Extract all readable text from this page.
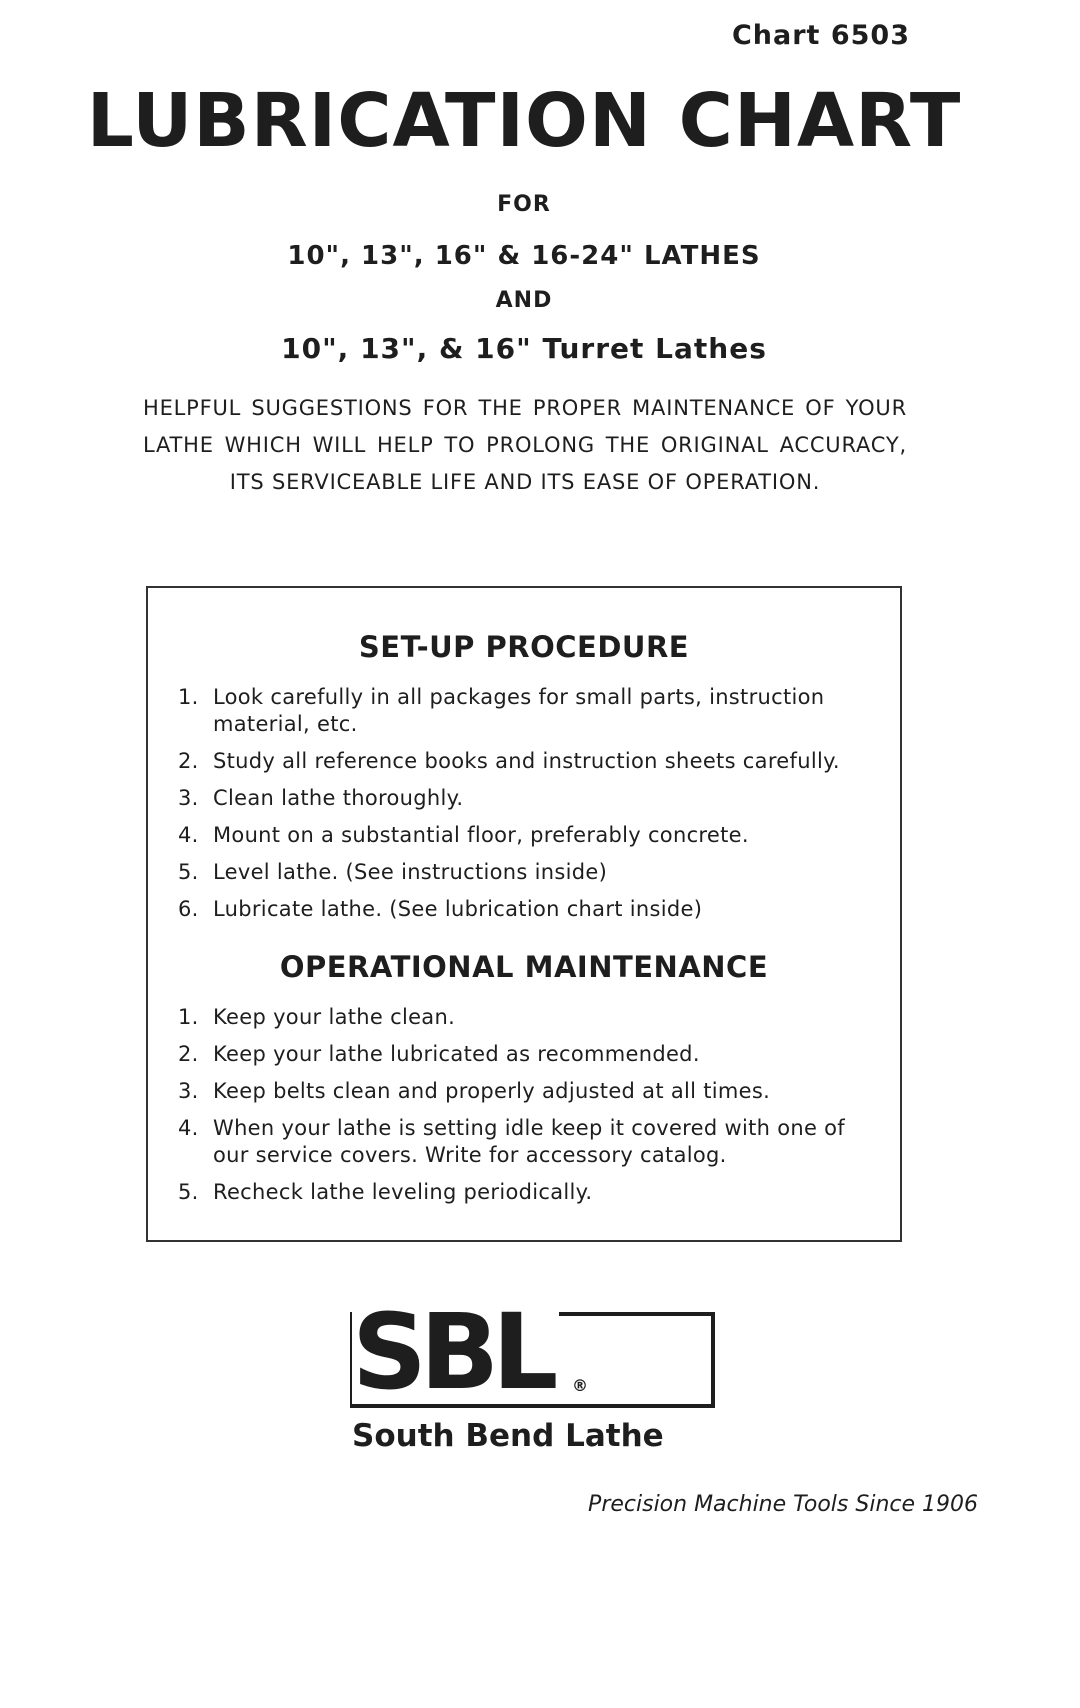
Chart 6503
LUBRICATION CHART
FOR
10", 13", 16" & 16-24" LATHES
AND
10", 13", & 16" Turret Lathes
HELPFUL SUGGESTIONS FOR THE PROPER MAINTENANCE OF YOUR LATHE WHICH WILL HELP TO PROLONG THE ORIGINAL ACCURACY, ITS SERVICEABLE LIFE AND ITS EASE OF OPERATION.
SET-UP PROCEDURE
1. Look carefully in all packages for small parts, instruction material, etc.
2. Study all reference books and instruction sheets carefully.
3. Clean lathe thoroughly.
4. Mount on a substantial floor, preferably concrete.
5. Level lathe. (See instructions inside)
6. Lubricate lathe. (See lubrication chart inside)
OPERATIONAL MAINTENANCE
1. Keep your lathe clean.
2. Keep your lathe lubricated as recommended.
3. Keep belts clean and properly adjusted at all times.
4. When your lathe is setting idle keep it covered with one of our service covers. Write for accessory catalog.
5. Recheck lathe leveling periodically.
SBL	®
South Bend Lathe
Precision Machine Tools Since 1906
